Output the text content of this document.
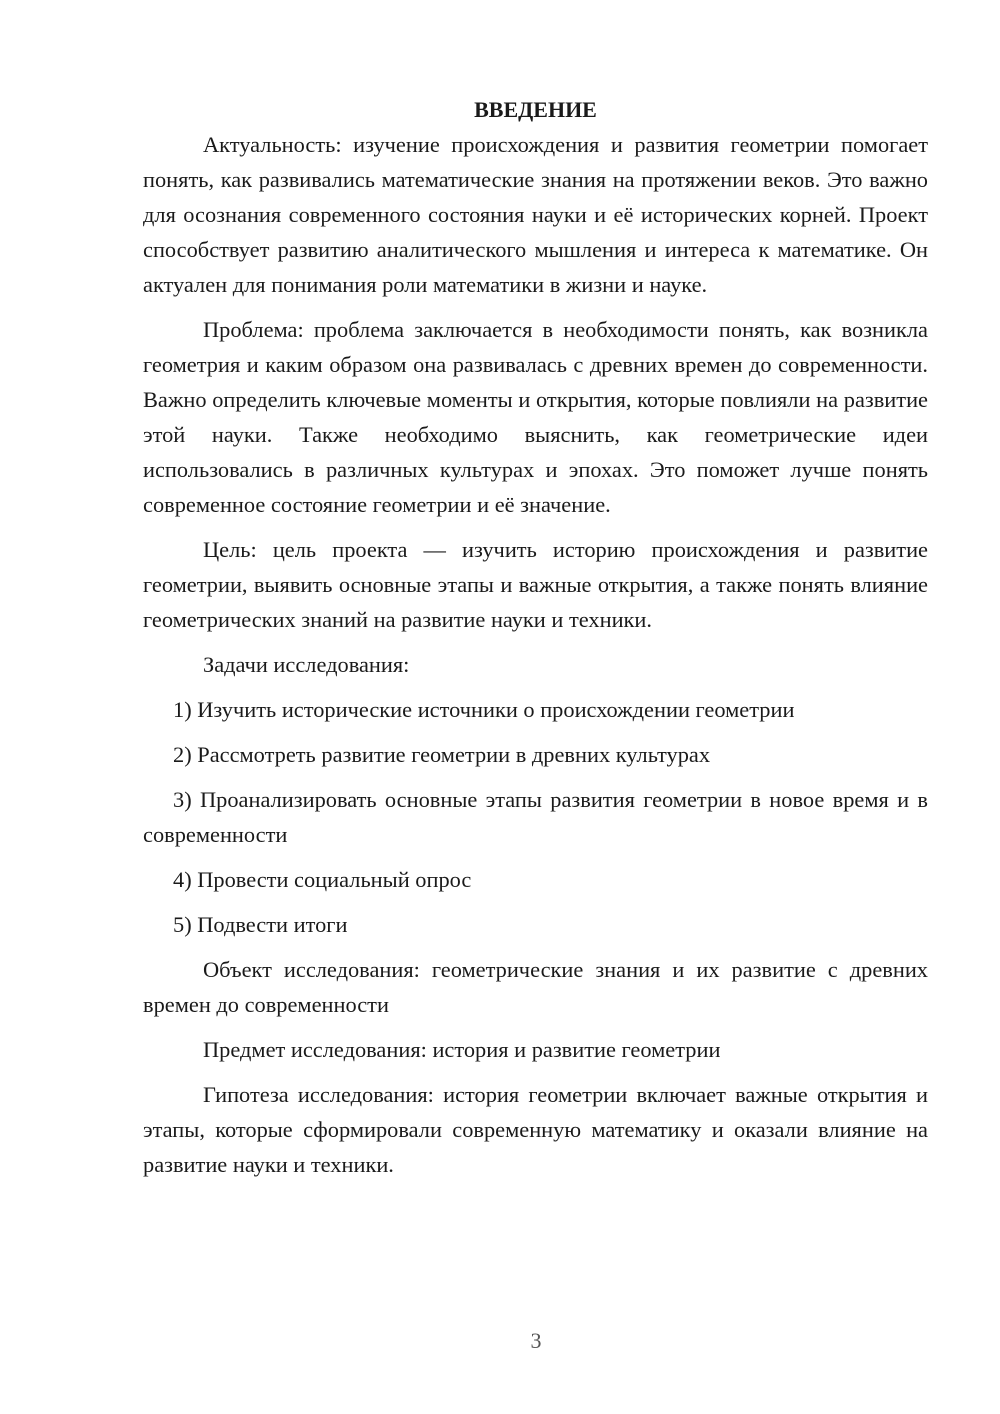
ВВЕДЕНИЕ

Актуальность: изучение происхождения и развития геометрии помогает понять, как развивались математические знания на протяжении веков. Это важно для осознания современного состояния науки и её исторических корней. Проект способствует развитию аналитического мышления и интереса к математике. Он актуален для понимания роли математики в жизни и науке.

Проблема: проблема заключается в необходимости понять, как возникла геометрия и каким образом она развивалась с древних времен до современности. Важно определить ключевые моменты и открытия, которые повлияли на развитие этой науки. Также необходимо выяснить, как геометрические идеи использовались в различных культурах и эпохах. Это поможет лучше понять современное состояние геометрии и её значение.

Цель: цель проекта — изучить историю происхождения и развитие геометрии, выявить основные этапы и важные открытия, а также понять влияние геометрических знаний на развитие науки и техники.

Задачи исследования:

1) Изучить исторические источники о происхождении геометрии

2) Рассмотреть развитие геометрии в древних культурах

3) Проанализировать основные этапы развития геометрии в новое время и в современности

4) Провести социальный опрос

5) Подвести итоги

Объект исследования: геометрические знания и их развитие с древних времен до современности

Предмет исследования: история и развитие геометрии

Гипотеза исследования: история геометрии включает важные открытия и этапы, которые сформировали современную математику и оказали влияние на развитие науки и техники.

3
